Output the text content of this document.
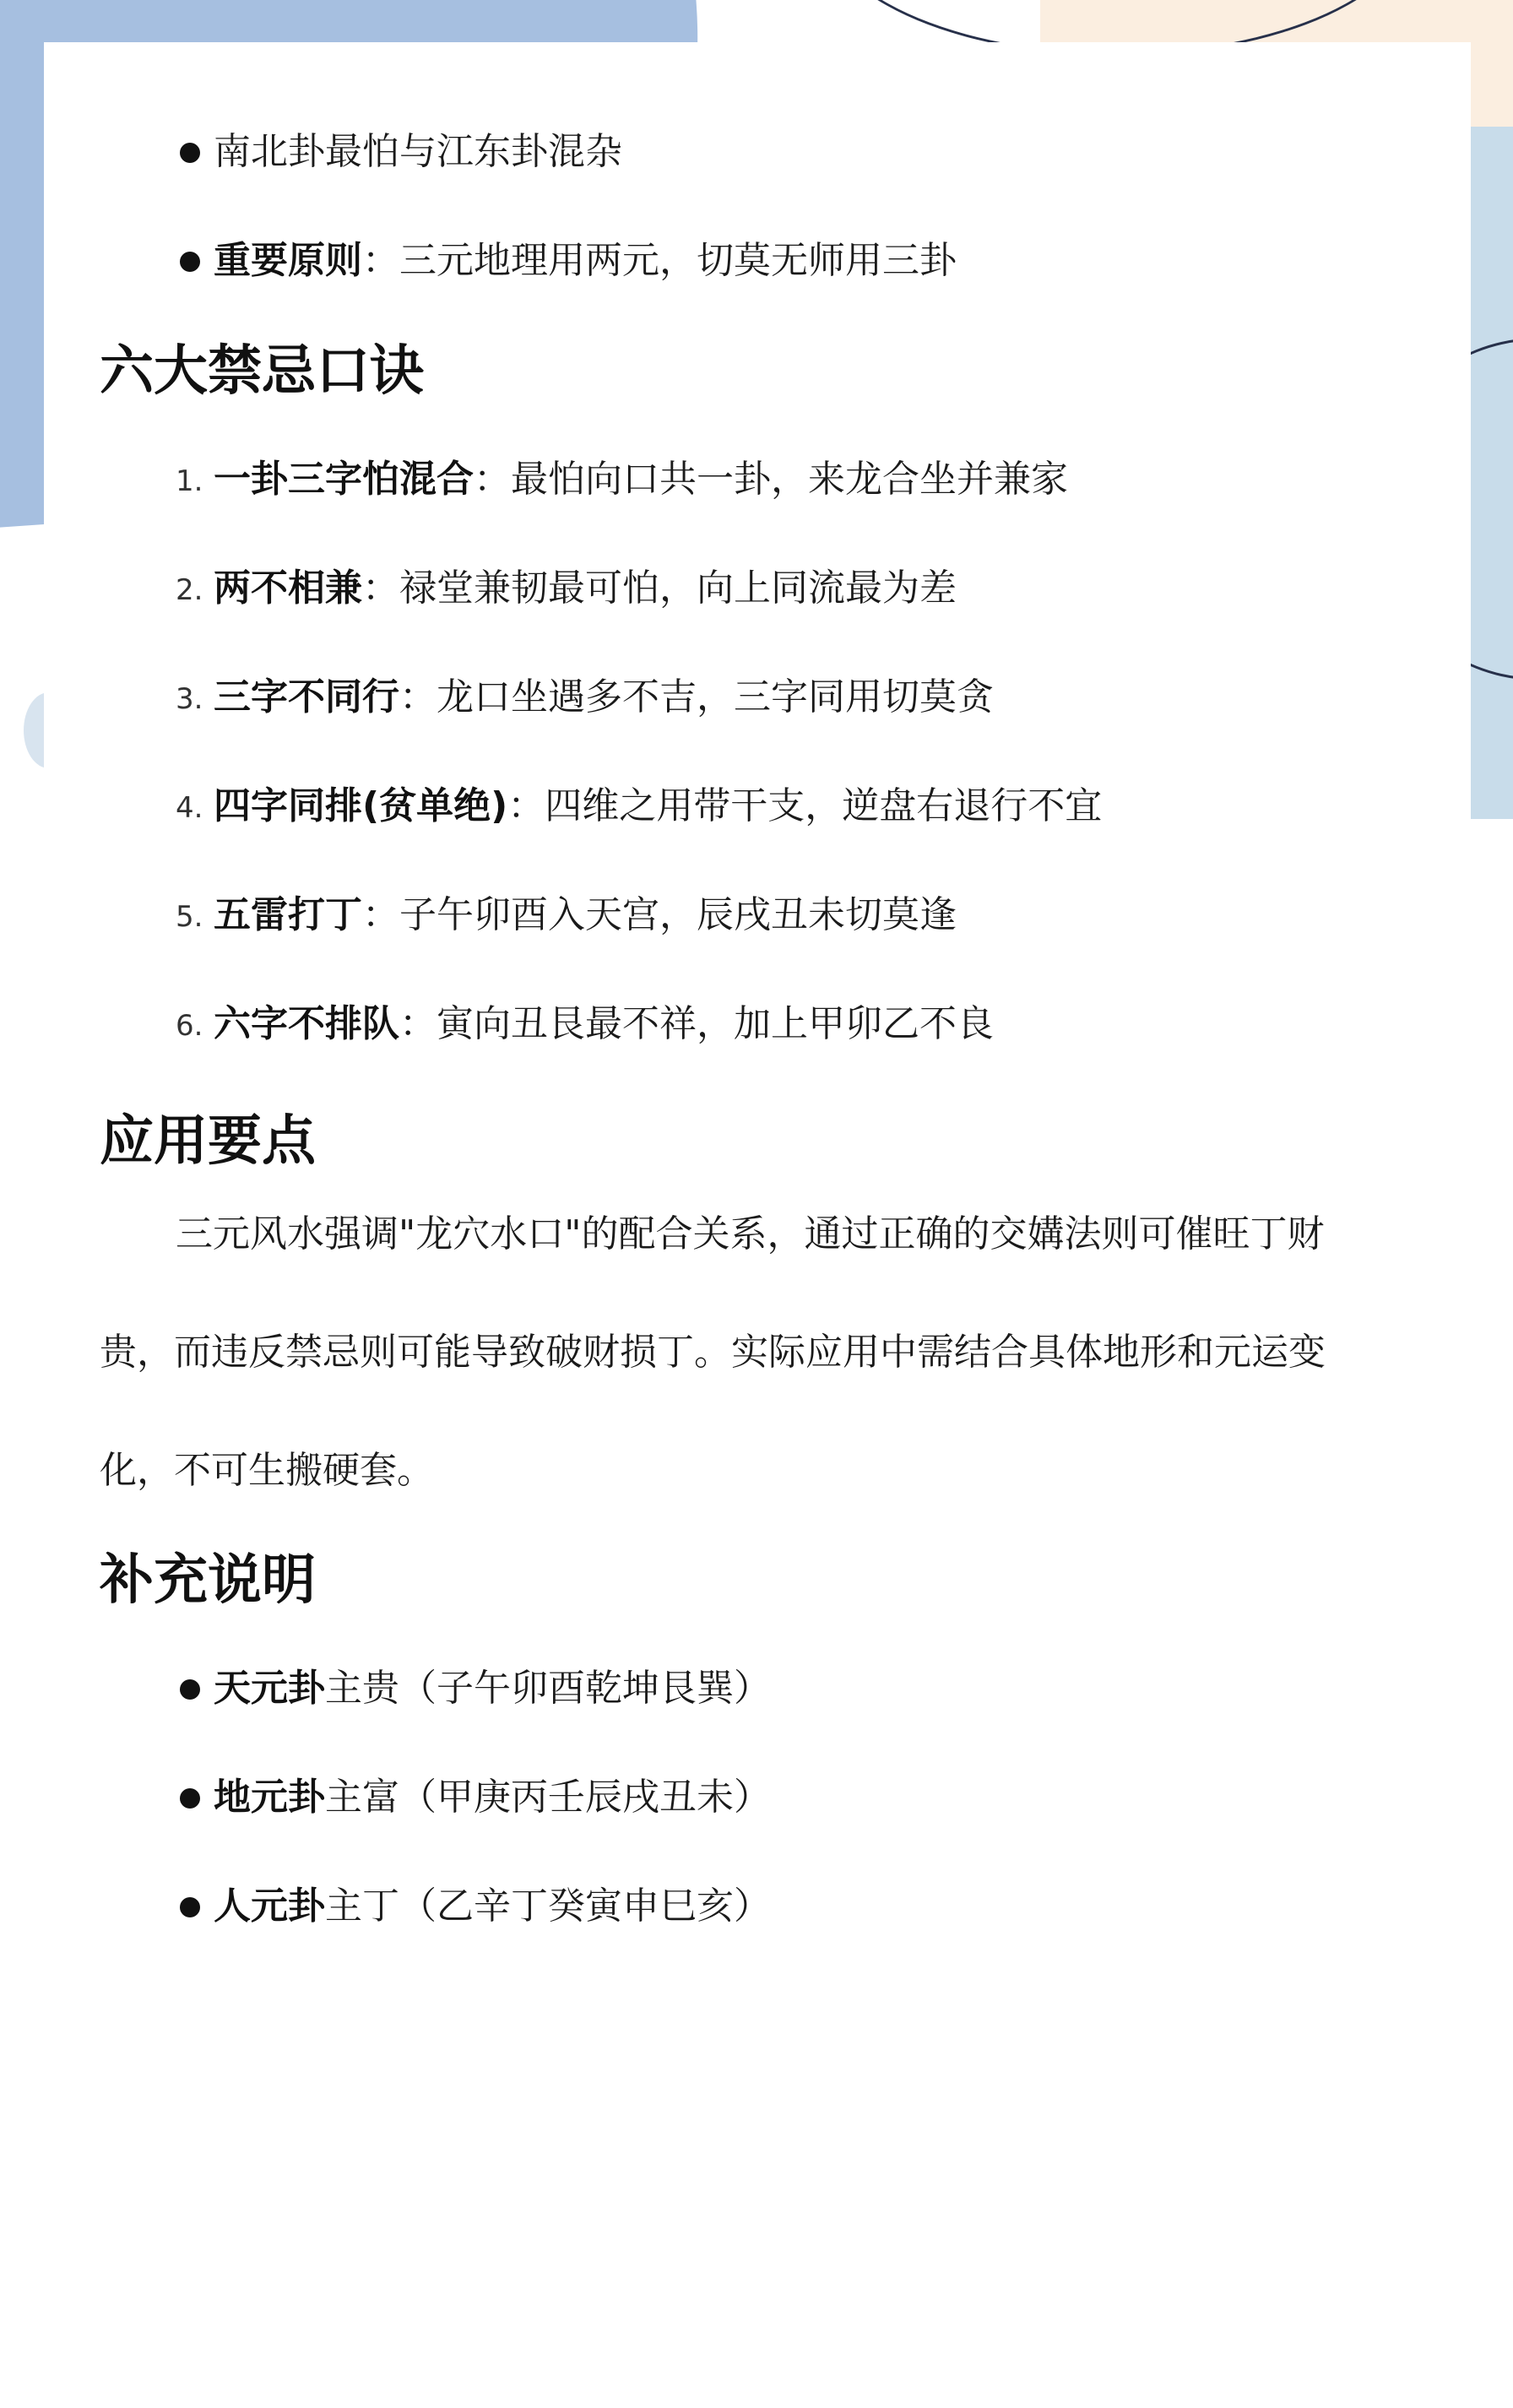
南北卦最怕与江东卦混杂
重要原则：三元地理用两元，切莫无师用三卦
六大禁忌口诀
1. 一卦三字怕混合：最怕向口共一卦，来龙合坐并兼家
2. 两不相兼：禄堂兼韧最可怕，向上同流最为差
3. 三字不同行：龙口坐遇多不吉，三字同用切莫贪
4. 四字同排(贫单绝)：四维之用带干支，逆盘右退行不宜
5. 五雷打丁：子午卯酉入天宫，辰戌丑未切莫逢
6. 六字不排队：寅向丑艮最不祥，加上甲卯乙不良
应用要点

三元风水强调"龙穴水口"的配合关系，通过正确的交媾法则可催旺丁财贵，而违反禁忌则可能导致破财损丁。实际应用中需结合具体地形和元运变化，不可生搬硬套。

补充说明
天元卦主贵（子午卯酉乾坤艮巽）
地元卦主富（甲庚丙壬辰戌丑未）
人元卦主丁（乙辛丁癸寅申巳亥）
